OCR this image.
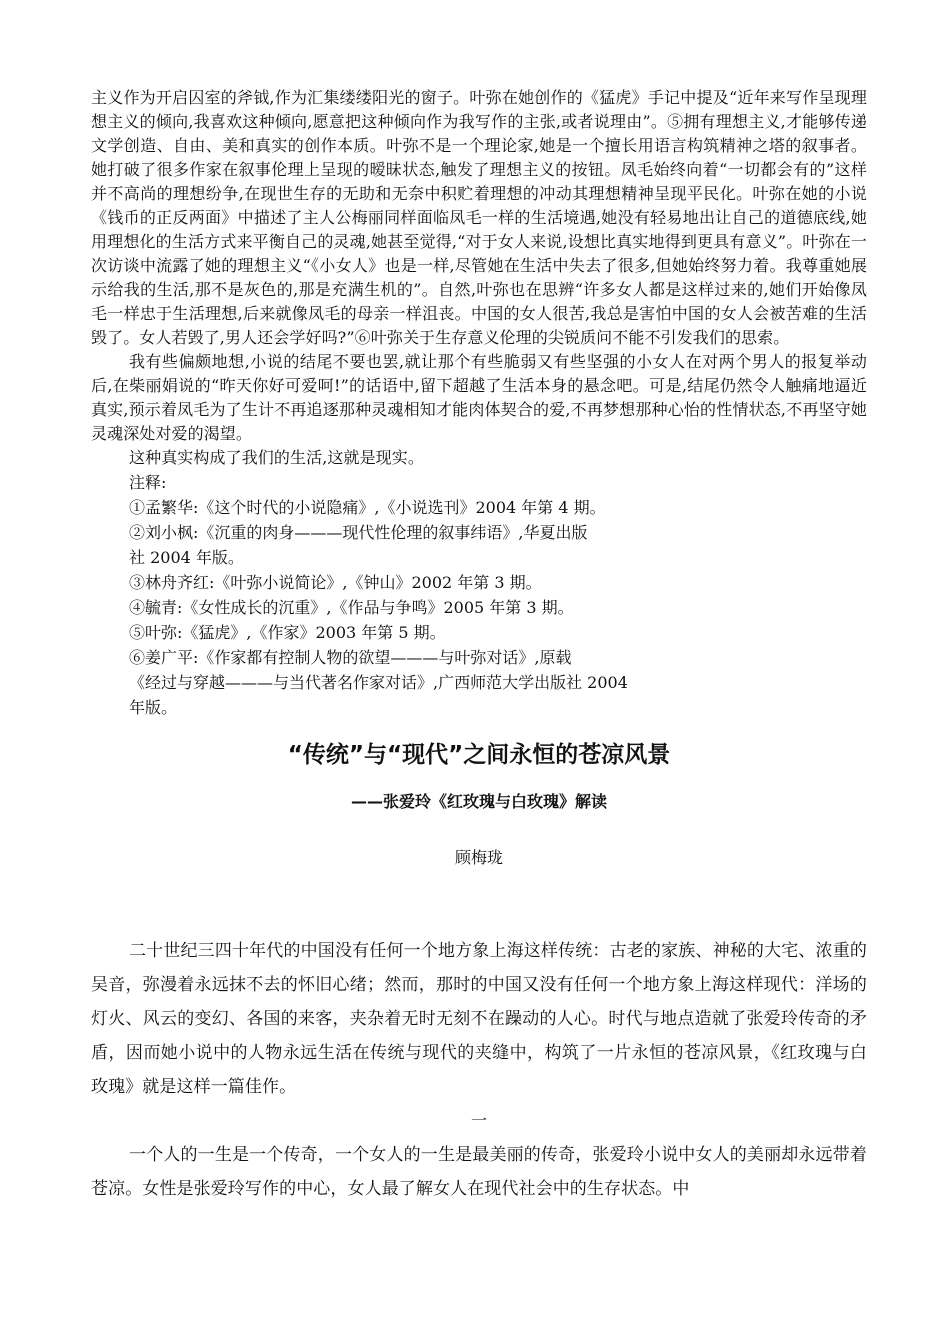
主义作为开启囚室的斧钺,作为汇集缕缕阳光的窗子。叶弥在她创作的《猛虎》手记中提及“近年来写作呈现理想主义的倾向,我喜欢这种倾向,愿意把这种倾向作为我写作的主张,或者说理由”。⑤拥有理想主义,才能够传递文学创造、自由、美和真实的创作本质。叶弥不是一个理论家,她是一个擅长用语言构筑精神之塔的叙事者。她打破了很多作家在叙事伦理上呈现的暧昧状态,触发了理想主义的按钮。凤毛始终向着“一切都会有的”这样并不高尚的理想纷争,在现世生存的无助和无奈中积贮着理想的冲动其理想精神呈现平民化。叶弥在她的小说《钱币的正反两面》中描述了主人公梅丽同样面临凤毛一样的生活境遇,她没有轻易地出让自己的道德底线,她用理想化的生活方式来平衡自己的灵魂,她甚至觉得,“对于女人来说,设想比真实地得到更具有意义”。叶弥在一次访谈中流露了她的理想主义“《小女人》也是一样,尽管她在生活中失去了很多,但她始终努力着。我尊重她展示给我的生活,那不是灰色的,那是充满生机的”。自然,叶弥也在思辨“许多女人都是这样过来的,她们开始像凤毛一样忠于生活理想,后来就像凤毛的母亲一样沮丧。中国的女人很苦,我总是害怕中国的女人会被苦难的生活毁了。女人若毁了,男人还会学好吗?”⑥叶弥关于生存意义伦理的尖锐质问不能不引发我们的思索。

我有些偏颇地想,小说的结尾不要也罢,就让那个有些脆弱又有些坚强的小女人在对两个男人的报复举动后,在柴丽娟说的“昨天你好可爱呵!”的话语中,留下超越了生活本身的悬念吧。可是,结尾仍然令人触痛地逼近真实,预示着凤毛为了生计不再追逐那种灵魂相知才能肉体契合的爱,不再梦想那种心怡的性情状态,不再坚守她灵魂深处对爱的渴望。

这种真实构成了我们的生活,这就是现实。

注释:

①孟繁华:《这个时代的小说隐痛》,《小说选刊》2004 年第 4 期。

②刘小枫:《沉重的肉身———现代性伦理的叙事纬语》,华夏出版

社 2004 年版。

③林舟齐红:《叶弥小说简论》,《钟山》2002 年第 3 期。

④毓青:《女性成长的沉重》,《作品与争鸣》2005 年第 3 期。

⑤叶弥:《猛虎》,《作家》2003 年第 5 期。

⑥姜广平:《作家都有控制人物的欲望———与叶弥对话》,原载

《经过与穿越———与当代著名作家对话》,广西师范大学出版社 2004

年版。

“传统”与“现代”之间永恒的苍凉风景
——张爱玲《红玫瑰与白玫瑰》解读

顾梅珑

二十世纪三四十年代的中国没有任何一个地方象上海这样传统：古老的家族、神秘的大宅、浓重的吴音，弥漫着永远抹不去的怀旧心绪；然而，那时的中国又没有任何一个地方象上海这样现代：洋场的灯火、风云的变幻、各国的来客，夹杂着无时无刻不在躁动的人心。时代与地点造就了张爱玲传奇的矛盾，因而她小说中的人物永远生活在传统与现代的夹缝中，构筑了一片永恒的苍凉风景，《红玫瑰与白玫瑰》就是这样一篇佳作。

一

一个人的一生是一个传奇，一个女人的一生是最美丽的传奇，张爱玲小说中女人的美丽却永远带着苍凉。女性是张爱玲写作的中心，女人最了解女人在现代社会中的生存状态。中
